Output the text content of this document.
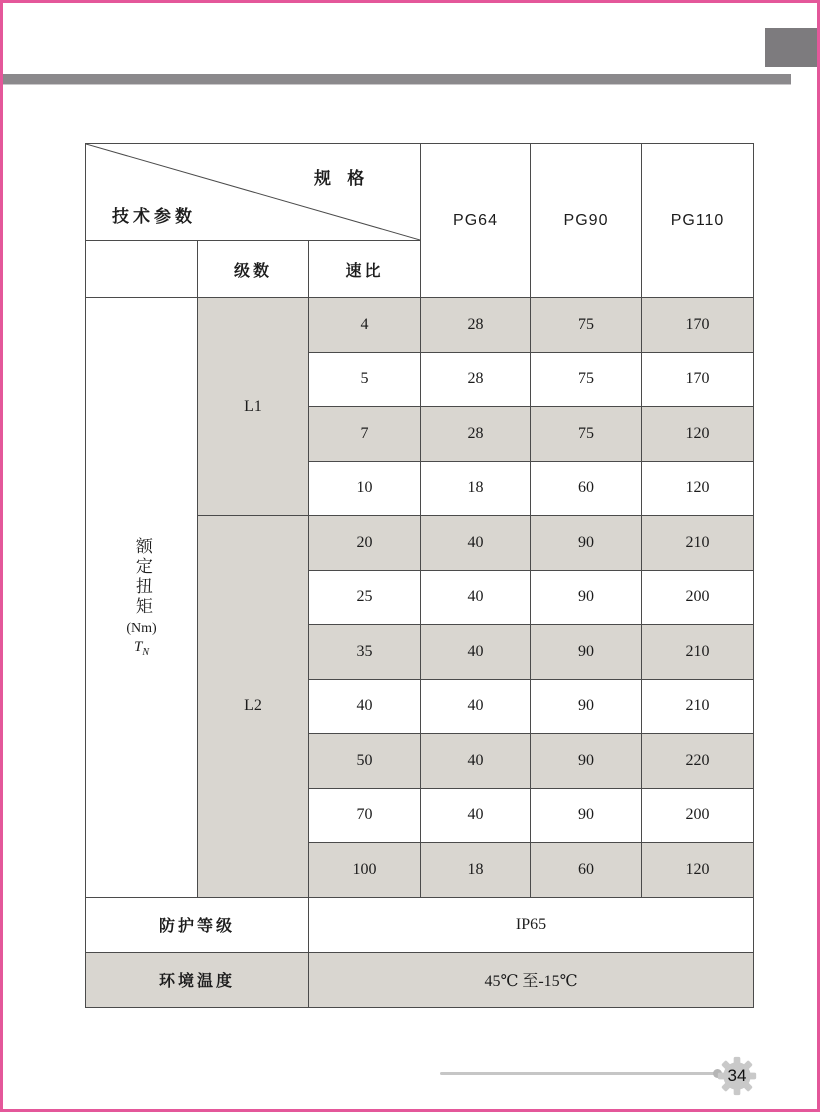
规 格
技术参数			PG64	PG90	PG110
	级数	速比			

额定扭矩
(Nm)
$T_N$	L1	4	28	75	170
		5	28	75	170
		7	28	75	120
		10	18	60	120
	L2	20	40	90	210
		25	40	90	200
		35	40	90	210
		40	40	90	210
		50	40	90	220
		70	40	90	200
		100	18	60	120
防护等级		IP65			
环境温度		45℃ 至-15℃			
34
